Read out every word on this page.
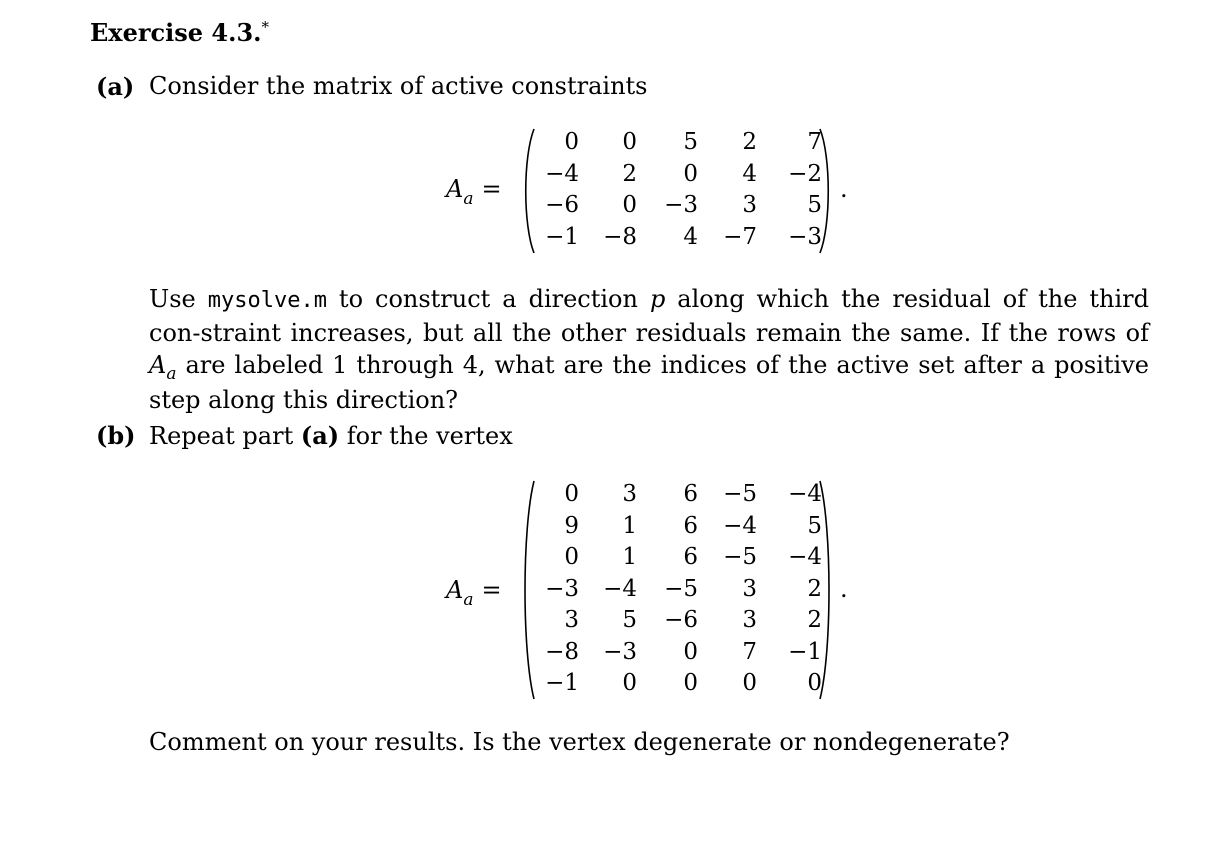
Exercise 4.3.*
(a) Consider the matrix of active constraints
$A_a$ =
0	0	5	2	7
−4	2	0	4	−2
−6	0	−3	3	5
−1	−8	4	−7	−3
.
Use mysolve.m to construct a direction p along which the residual of the third con-straint increases, but all the other residuals remain the same. If the rows of $A_a$ are labeled 1 through 4, what are the indices of the active set after a positive step along this direction?
(b) Repeat part (a) for the vertex
$A_a$ =
0	3	6	−5	−4
9	1	6	−4	5
0	1	6	−5	−4
−3	−4	−5	3	2
3	5	−6	3	2
−8	−3	0	7	−1
−1	0	0	0	0
.
Comment on your results. Is the vertex degenerate or nondegenerate?
